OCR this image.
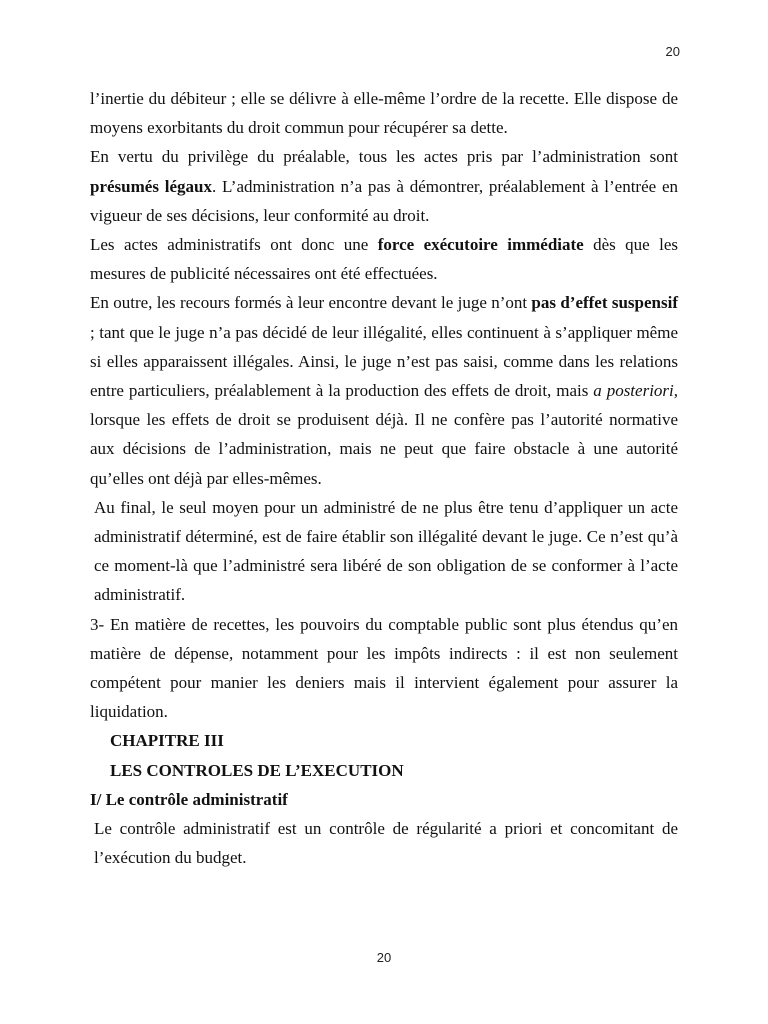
20

l’inertie du débiteur ; elle se délivre à elle-même l’ordre de la recette. Elle dispose de moyens exorbitants du droit commun pour récupérer sa dette.

En vertu du privilège du préalable, tous les actes pris par l’administration sont présumés légaux. L’administration n’a pas à démontrer, préalablement à l’entrée en vigueur de ses décisions, leur conformité au droit.

Les actes administratifs ont donc une force exécutoire immédiate dès que les mesures de publicité nécessaires ont été effectuées.

En outre, les recours formés à leur encontre devant le juge n’ont pas d’effet suspensif ; tant que le juge n’a pas décidé de leur illégalité, elles continuent à s’appliquer même si elles apparaissent illégales. Ainsi, le juge n’est pas saisi, comme dans les relations entre particuliers, préalablement à la production des effets de droit, mais a posteriori, lorsque les effets de droit se produisent déjà. Il ne confère pas l’autorité normative aux décisions de l’administration, mais ne peut que faire obstacle à une autorité qu’elles ont déjà par elles-mêmes.

Au final, le seul moyen pour un administré de ne plus être tenu d’appliquer un acte administratif déterminé, est de faire établir son illégalité devant le juge. Ce n’est qu’à ce moment-là que l’administré sera libéré de son obligation de se conformer à l’acte administratif.

3- En matière de recettes, les pouvoirs du comptable public sont plus étendus qu’en matière de dépense, notamment pour les impôts indirects : il est non seulement compétent pour manier les deniers mais il intervient également pour assurer la liquidation.

CHAPITRE III

LES CONTROLES DE L’EXECUTION

I/ Le contrôle administratif

Le contrôle administratif est un contrôle de régularité a priori et concomitant de l’exécution du budget.

20
